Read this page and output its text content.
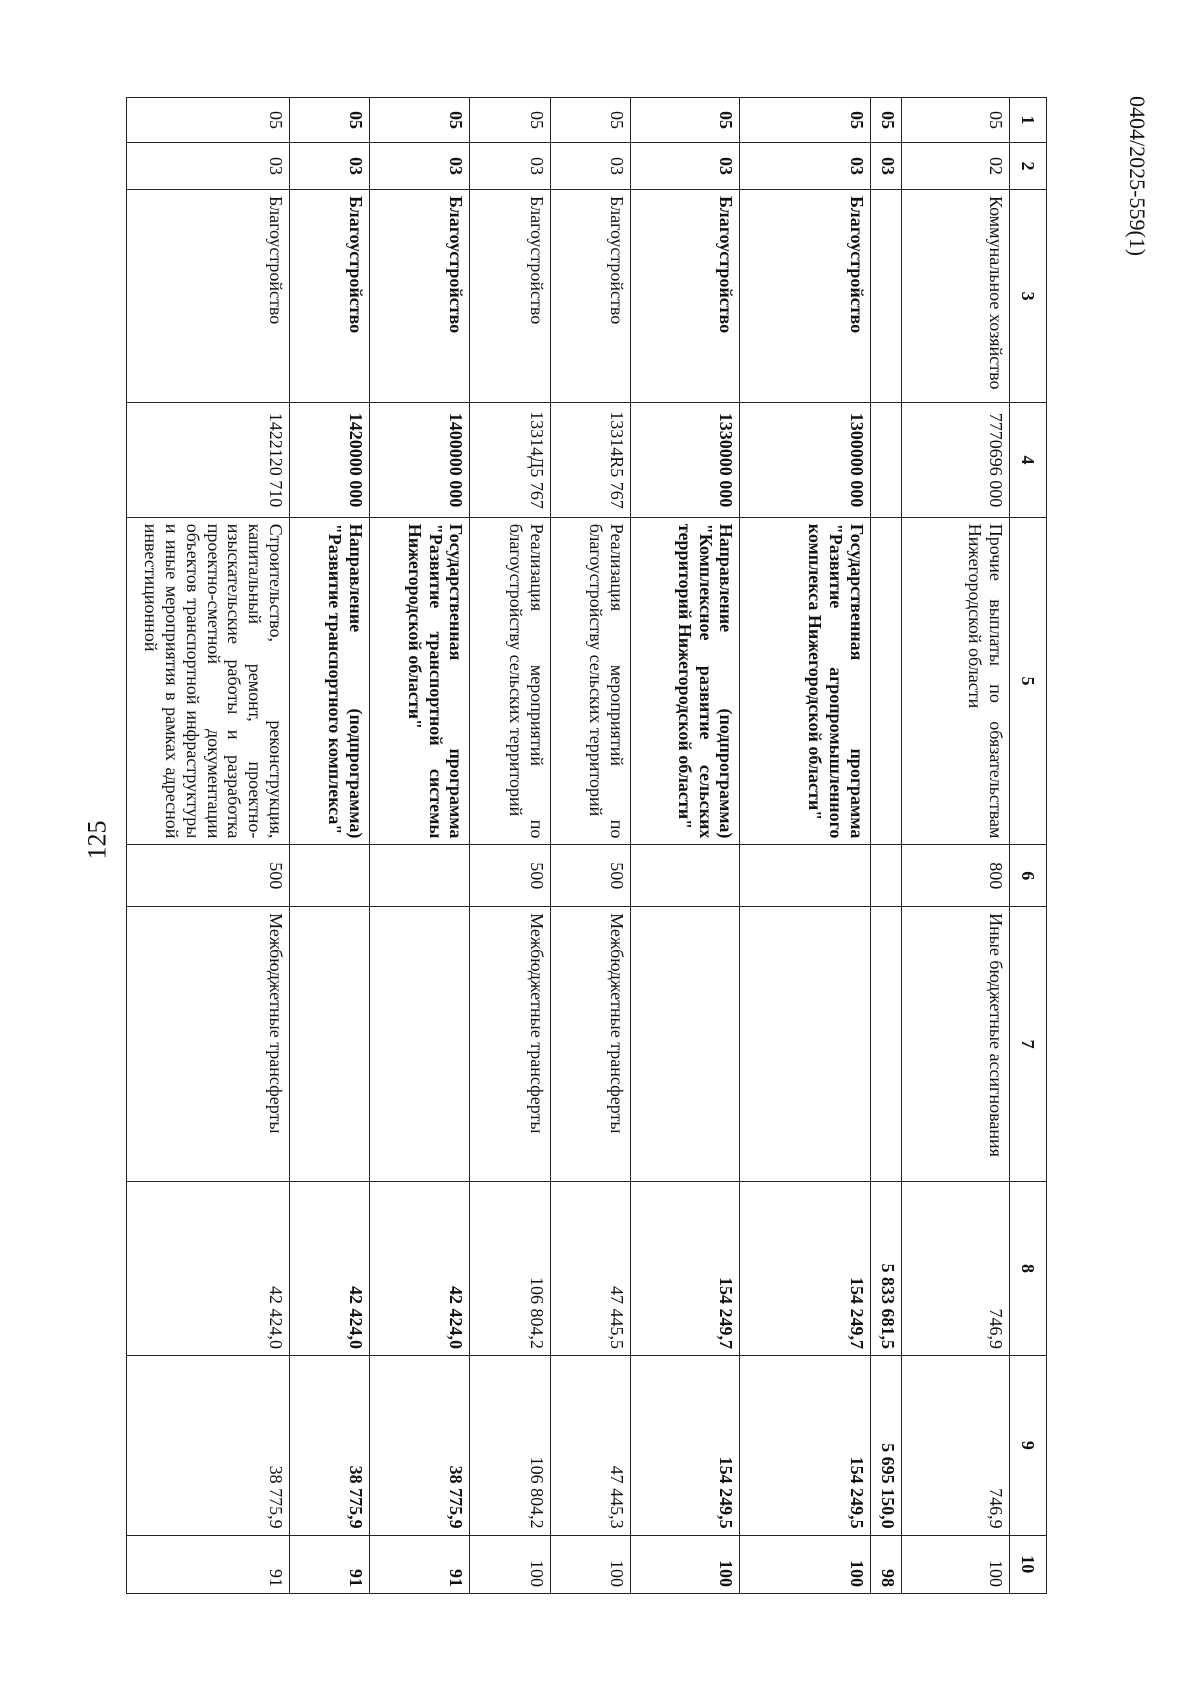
125
0404/2025-559(1)
1	2	3	4	5	6	7	8	9	10
05	02	Коммунальное хозяйство	7770696 000	Прочие выплаты по обязательствам Нижегородской области	800	Иные бюджетные ассигнования	746,9	746,9	100
05	03						5 833 681,5	5 695 150,0	98
05	03	Благоустройство	1300000 000	Государственная программа "Развитие агропромышленного комплекса Нижегородской области"			154 249,7	154 249,5	100
05	03	Благоустройство	1330000 000	Направление (подпрограмма) "Комплексное развитие сельских территорий Нижегородской области"			154 249,7	154 249,5	100
05	03	Благоустройство	13314R5 767	Реализация мероприятий по благоустройству сельских территорий	500	Межбюджетные трансферты	47 445,5	47 445,3	100
05	03	Благоустройство	13314Д5 767	Реализация мероприятий по благоустройству сельских территорий	500	Межбюджетные трансферты	106 804,2	106 804,2	100
05	03	Благоустройство	1400000 000	Государственная программа "Развитие транспортной системы Нижегородской области"			42 424,0	38 775,9	91
05	03	Благоустройство	1420000 000	Направление (подпрограмма) "Развитие транспортного комплекса"			42 424,0	38 775,9	91
05	03	Благоустройство	1422120 710	Строительство, реконструкция, капитальный ремонт, проектно-изыскательские работы и разработка проектно-сметной документации объектов транспортной инфраструктуры и иные мероприятия в рамках адресной инвестиционной	500	Межбюджетные трансферты	42 424,0	38 775,9	91
